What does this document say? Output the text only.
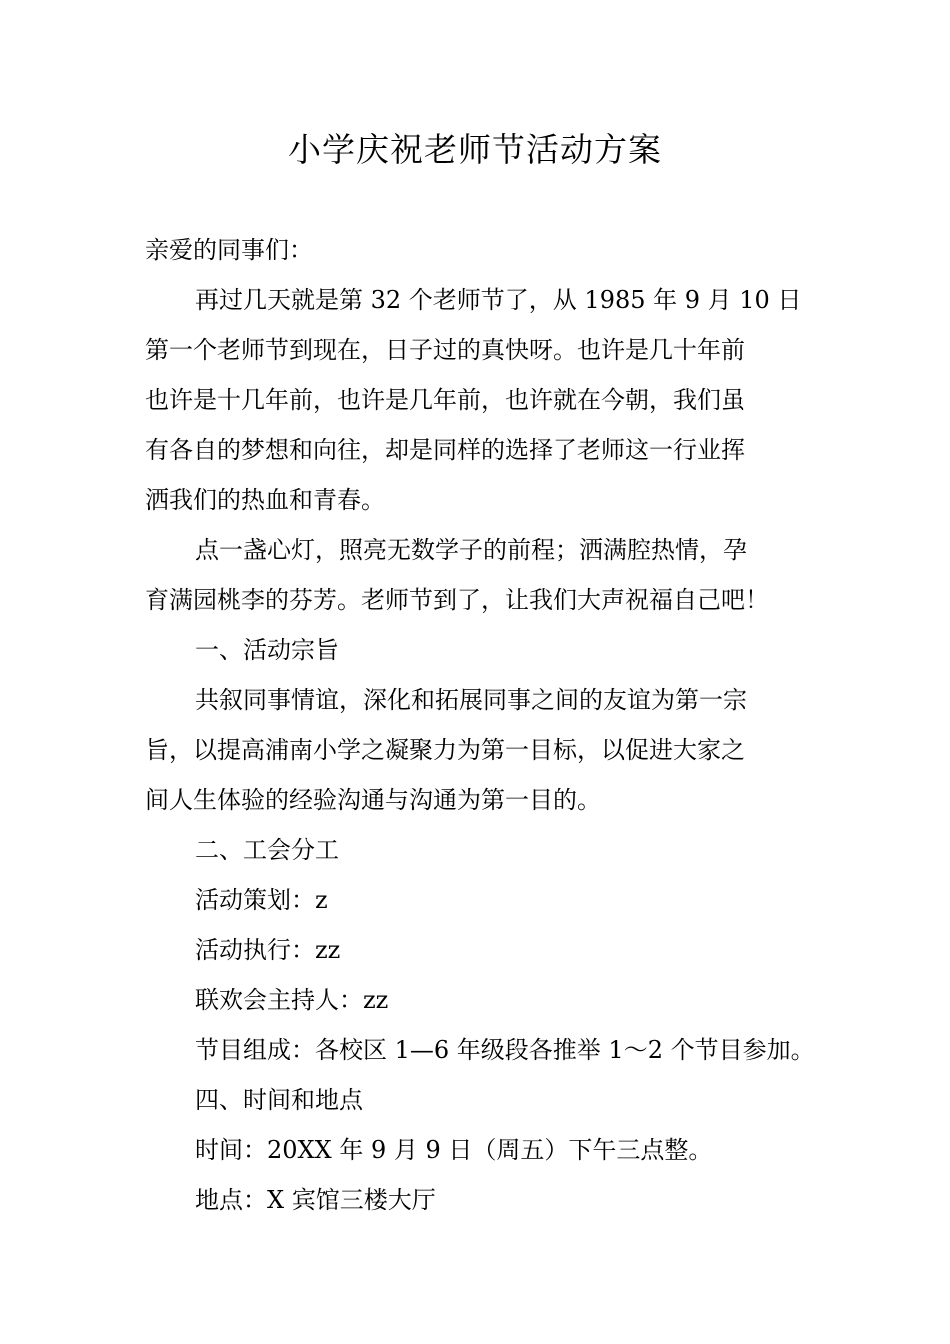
小学庆祝老师节活动方案

亲爱的同事们：

再过几天就是第 32 个老师节了，从 1985 年 9 月 10 日

第一个老师节到现在，日子过的真快呀。也许是几十年前

也许是十几年前，也许是几年前，也许就在今朝，我们虽

有各自的梦想和向往，却是同样的选择了老师这一行业挥

洒我们的热血和青春。

点一盏心灯，照亮无数学子的前程；洒满腔热情，孕

育满园桃李的芬芳。老师节到了，让我们大声祝福自己吧！

一、活动宗旨

共叙同事情谊，深化和拓展同事之间的友谊为第一宗

旨，以提高浦南小学之凝聚力为第一目标，以促进大家之

间人生体验的经验沟通与沟通为第一目的。

二、工会分工

活动策划：z

活动执行：zz

联欢会主持人：zz

节目组成：各校区 1—6 年级段各推举 1～2 个节目参加。

四、时间和地点

时间：20XX 年 9 月 9 日（周五）下午三点整。

地点：X 宾馆三楼大厅
